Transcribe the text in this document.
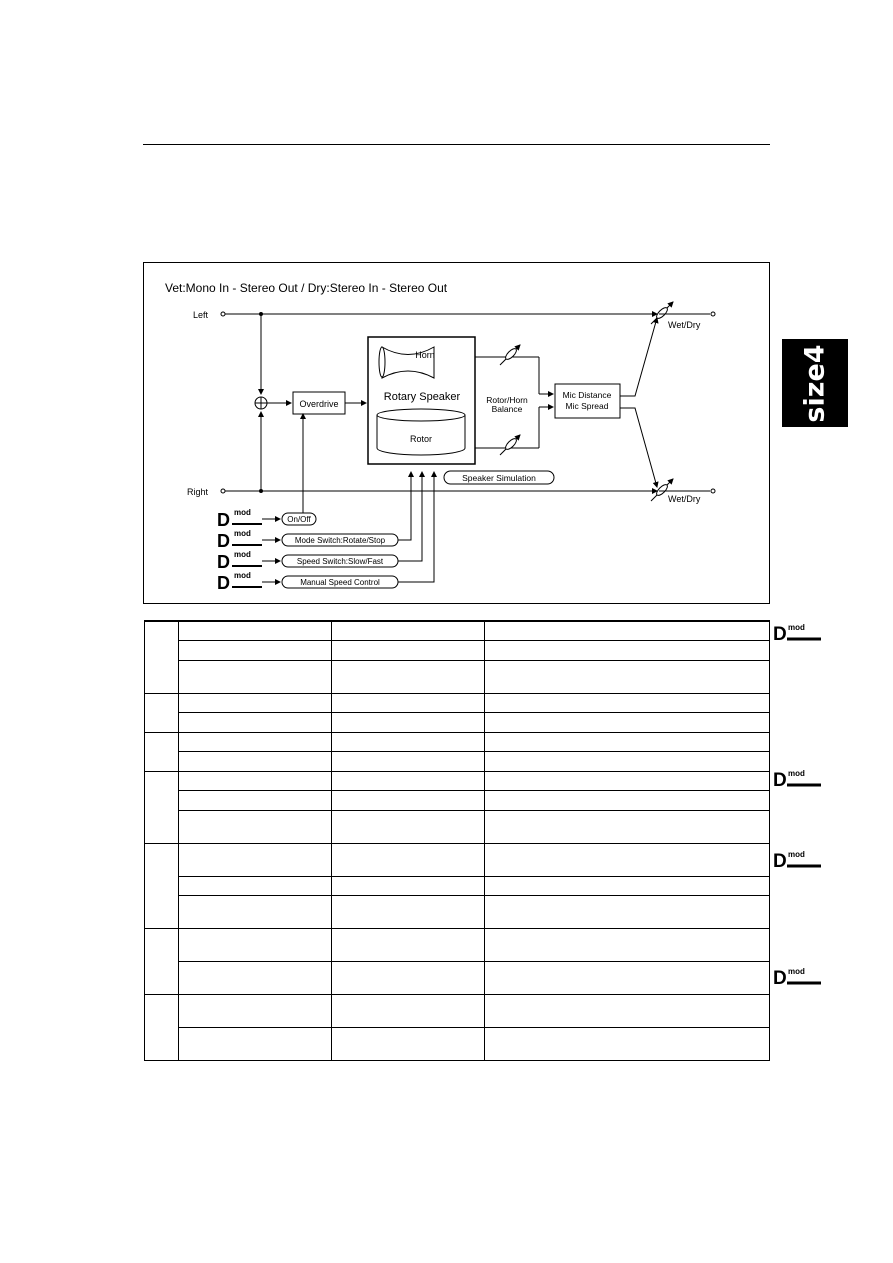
size4
Vet:Mono In - Stereo Out / Dry:Stereo In - Stereo Out
Left
Right
Overdrive
Horn
Rotary Speaker
Rotor
Rotor/Horn
Balance
Mic Distance
Mic Spread
Wet/Dry
Wet/Dry
Speaker Simulation
D mod
On/Off
D mod
Mode Switch:Rotate/Stop
D mod
Speed Switch:Slow/Fast
D mod
Manual Speed Control

D mod
D mod
D mod
D mod
